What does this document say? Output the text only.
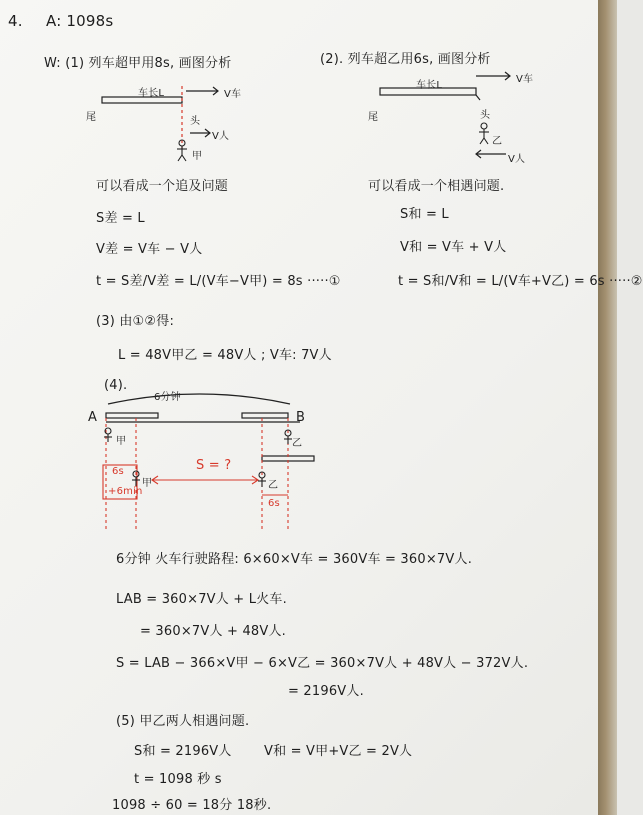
4. A: 1098s
W: (1) 列车超甲用8s, 画图分析
车长L
尾	头
V车
V人
甲
可以看成一个追及问题
S差 = L
V差 = V车 − V人
t = S差/V差 = L/(V车−V甲) = 8s ·····①
(2). 列车超乙用6s, 画图分析
车长L
尾	头
V车
V人
乙
可以看成一个相遇问题.
S和 = L
V和 = V车 + V人
t = S和/V和 = L/(V车+V乙) = 6s ·····②
(3) 由①②得:
L = 48V甲乙 = 48V人 ; V车: 7V人
(4).
6分钟
A	B
甲	乙
S = ?
6s
+6min
甲	乙
6s
6分钟 火车行驶路程: 6×60×V车 = 360V车 = 360×7V人.
LAB = 360×7V人 + L火车.
= 360×7V人 + 48V人.
S = LAB − 366×V甲 − 6×V乙 = 360×7V人 + 48V人 − 372V人.
= 2196V人.
(5) 甲乙两人相遇问题.
S和 = 2196V人 V和 = V甲+V乙 = 2V人
t = 1098 秒 s
1098 ÷ 60 = 18分 18秒.
